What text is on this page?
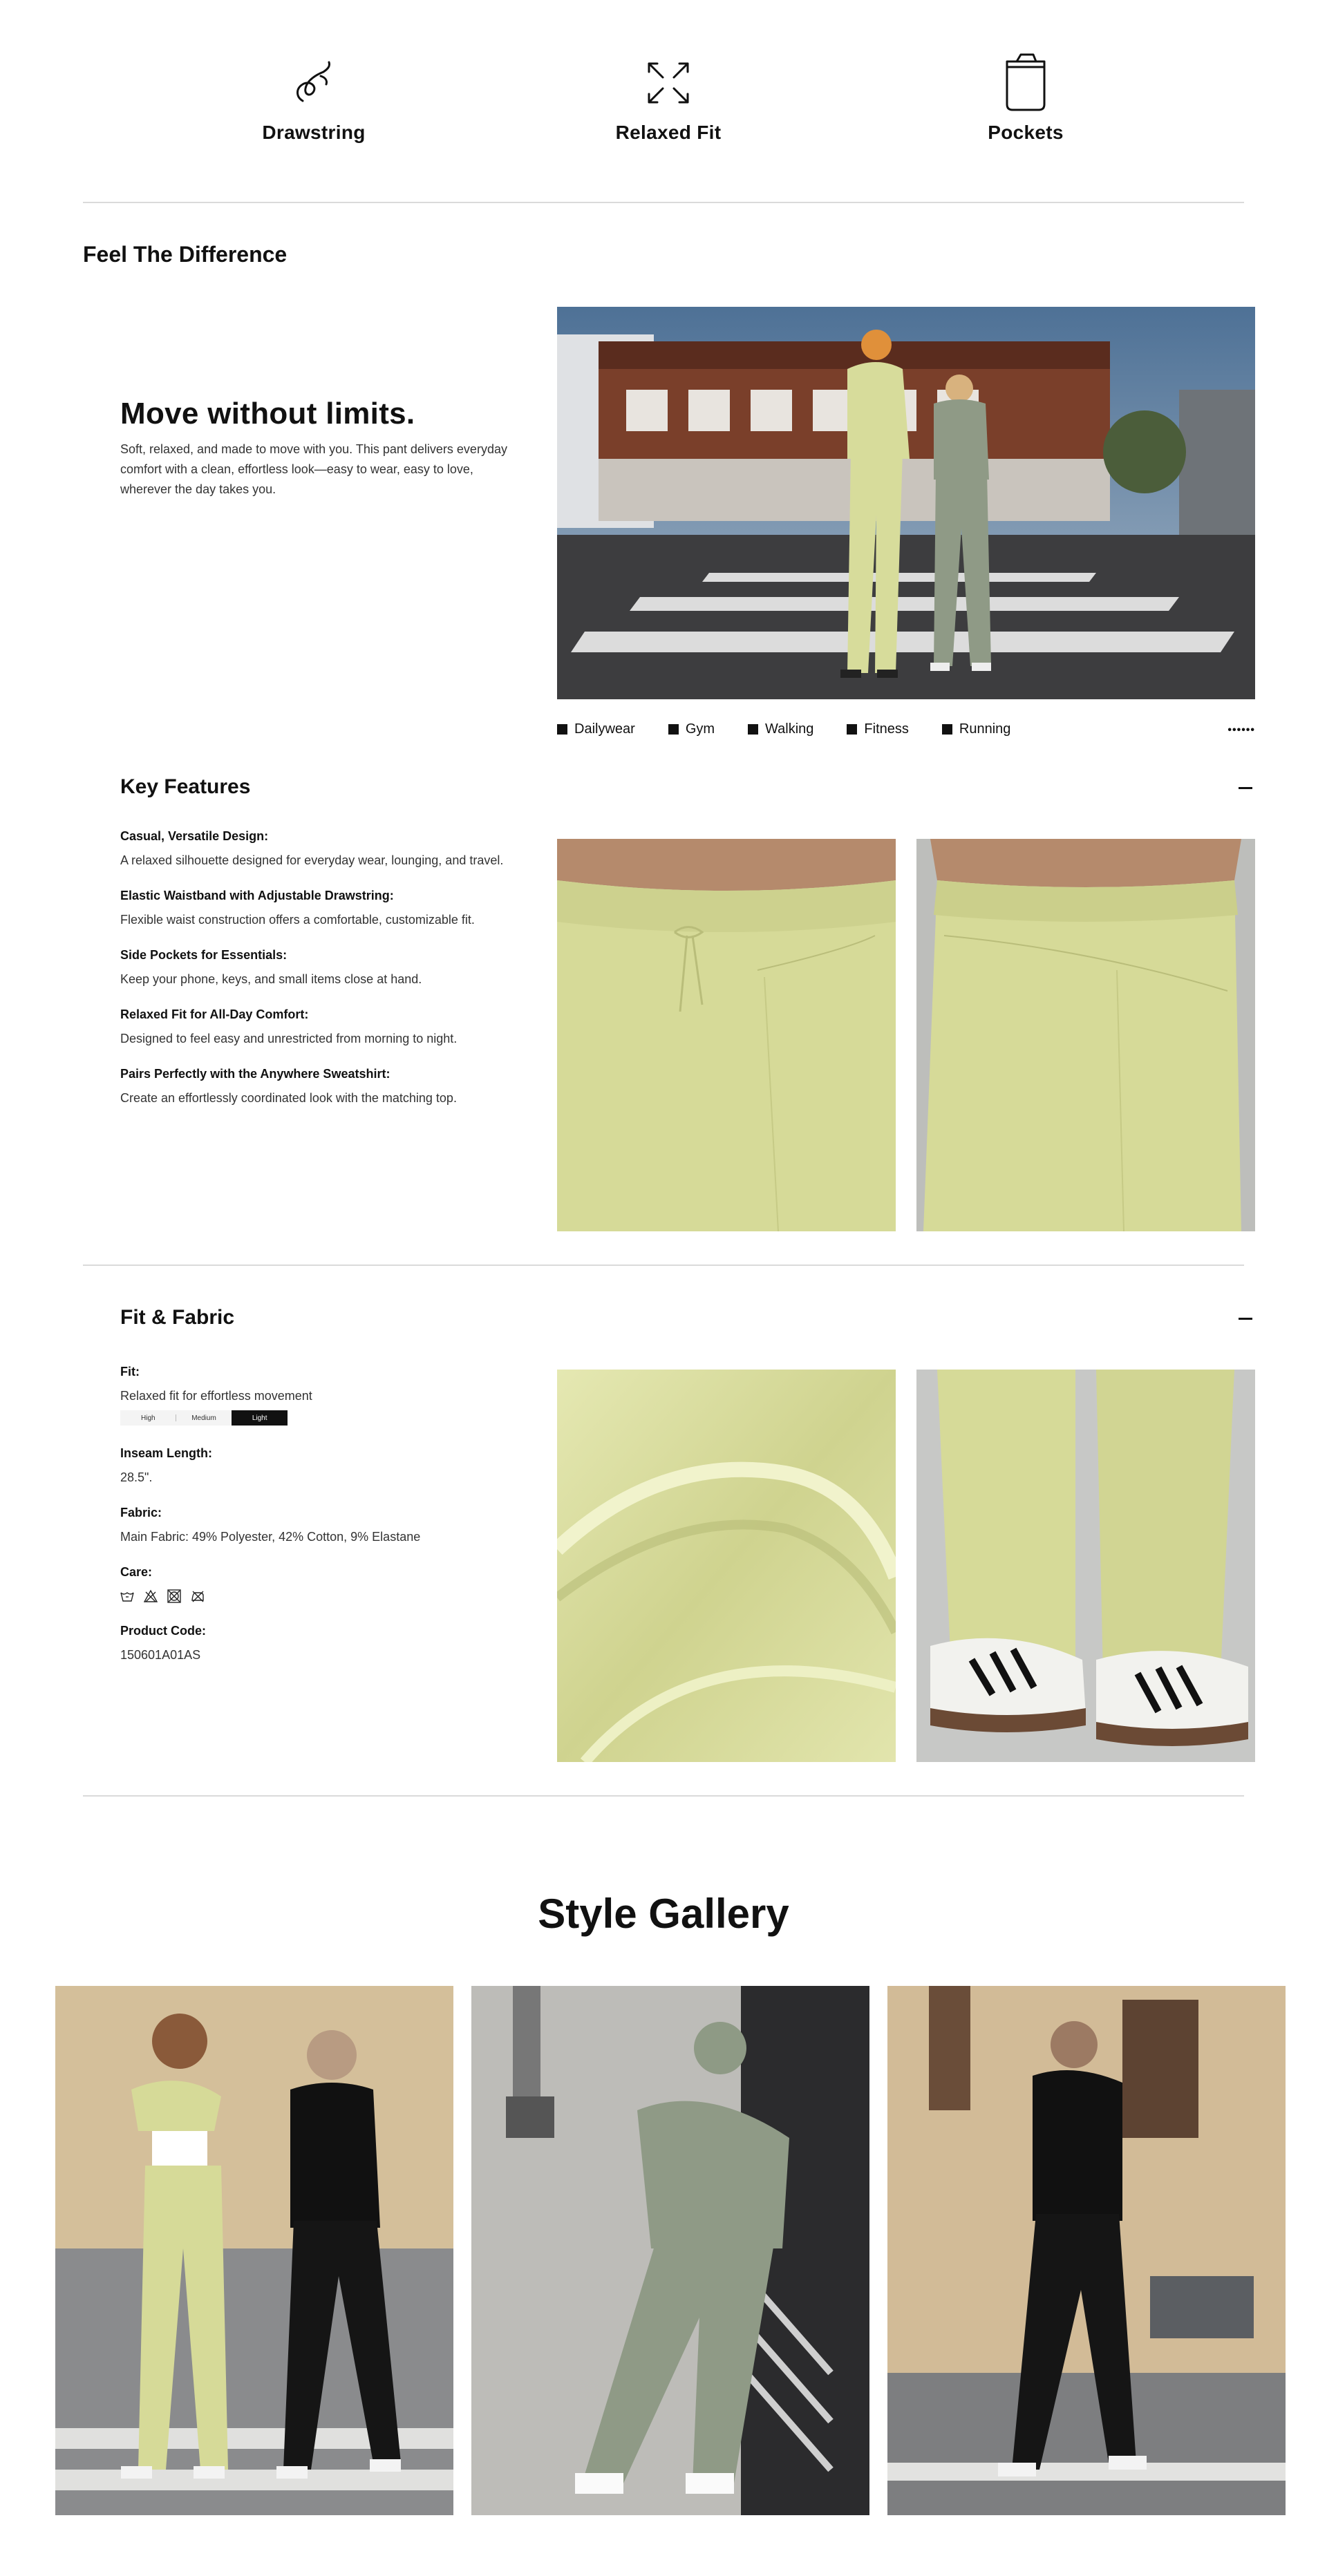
Drawstring	Relaxed Fit	Pockets
Feel The Difference
Move without limits.
Soft, relaxed, and made to move with you. This pant delivers everyday comfort with a clean, effortless look—easy to wear, easy to love, wherever the day takes you.
Dailywear	Gym	Walking	Fitness	Running	••••••
Key Features
Casual, Versatile Design:
A relaxed silhouette designed for everyday wear, lounging, and travel.
Elastic Waistband with Adjustable Drawstring:
Flexible waist construction offers a comfortable, customizable fit.
Side Pockets for Essentials:
Keep your phone, keys, and small items close at hand.
Relaxed Fit for All-Day Comfort:
Designed to feel easy and unrestricted from morning to night.
Pairs Perfectly with the Anywhere Sweatshirt:
Create an effortlessly coordinated look with the matching top.
Fit & Fabric
Fit:
Relaxed fit for effortless movement
High	Medium	Light
Inseam Length:
28.5".
Fabric:
Main Fabric: 49% Polyester, 42% Cotton, 9% Elastane
Care:
Product Code:
150601A01AS
Style Gallery
